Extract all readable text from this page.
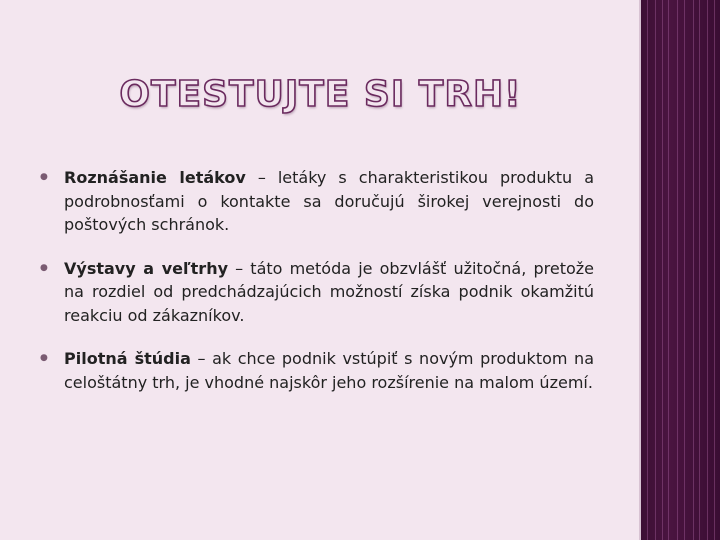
OTESTUJTE SI TRH!
● Roznášanie letákov – letáky s charakteristikou produktu a podrobnosťami o kontakte sa doručujú širokej verejnosti do poštových schránok.
● Výstavy a veľtrhy – táto metóda je obzvlášť užitočná, pretože na rozdiel od predchádzajúcich možností získa podnik okamžitú reakciu od zákazníkov.
● Pilotná štúdia – ak chce podnik vstúpiť s novým produktom na celoštátny trh, je vhodné najskôr jeho rozšírenie na malom území.
